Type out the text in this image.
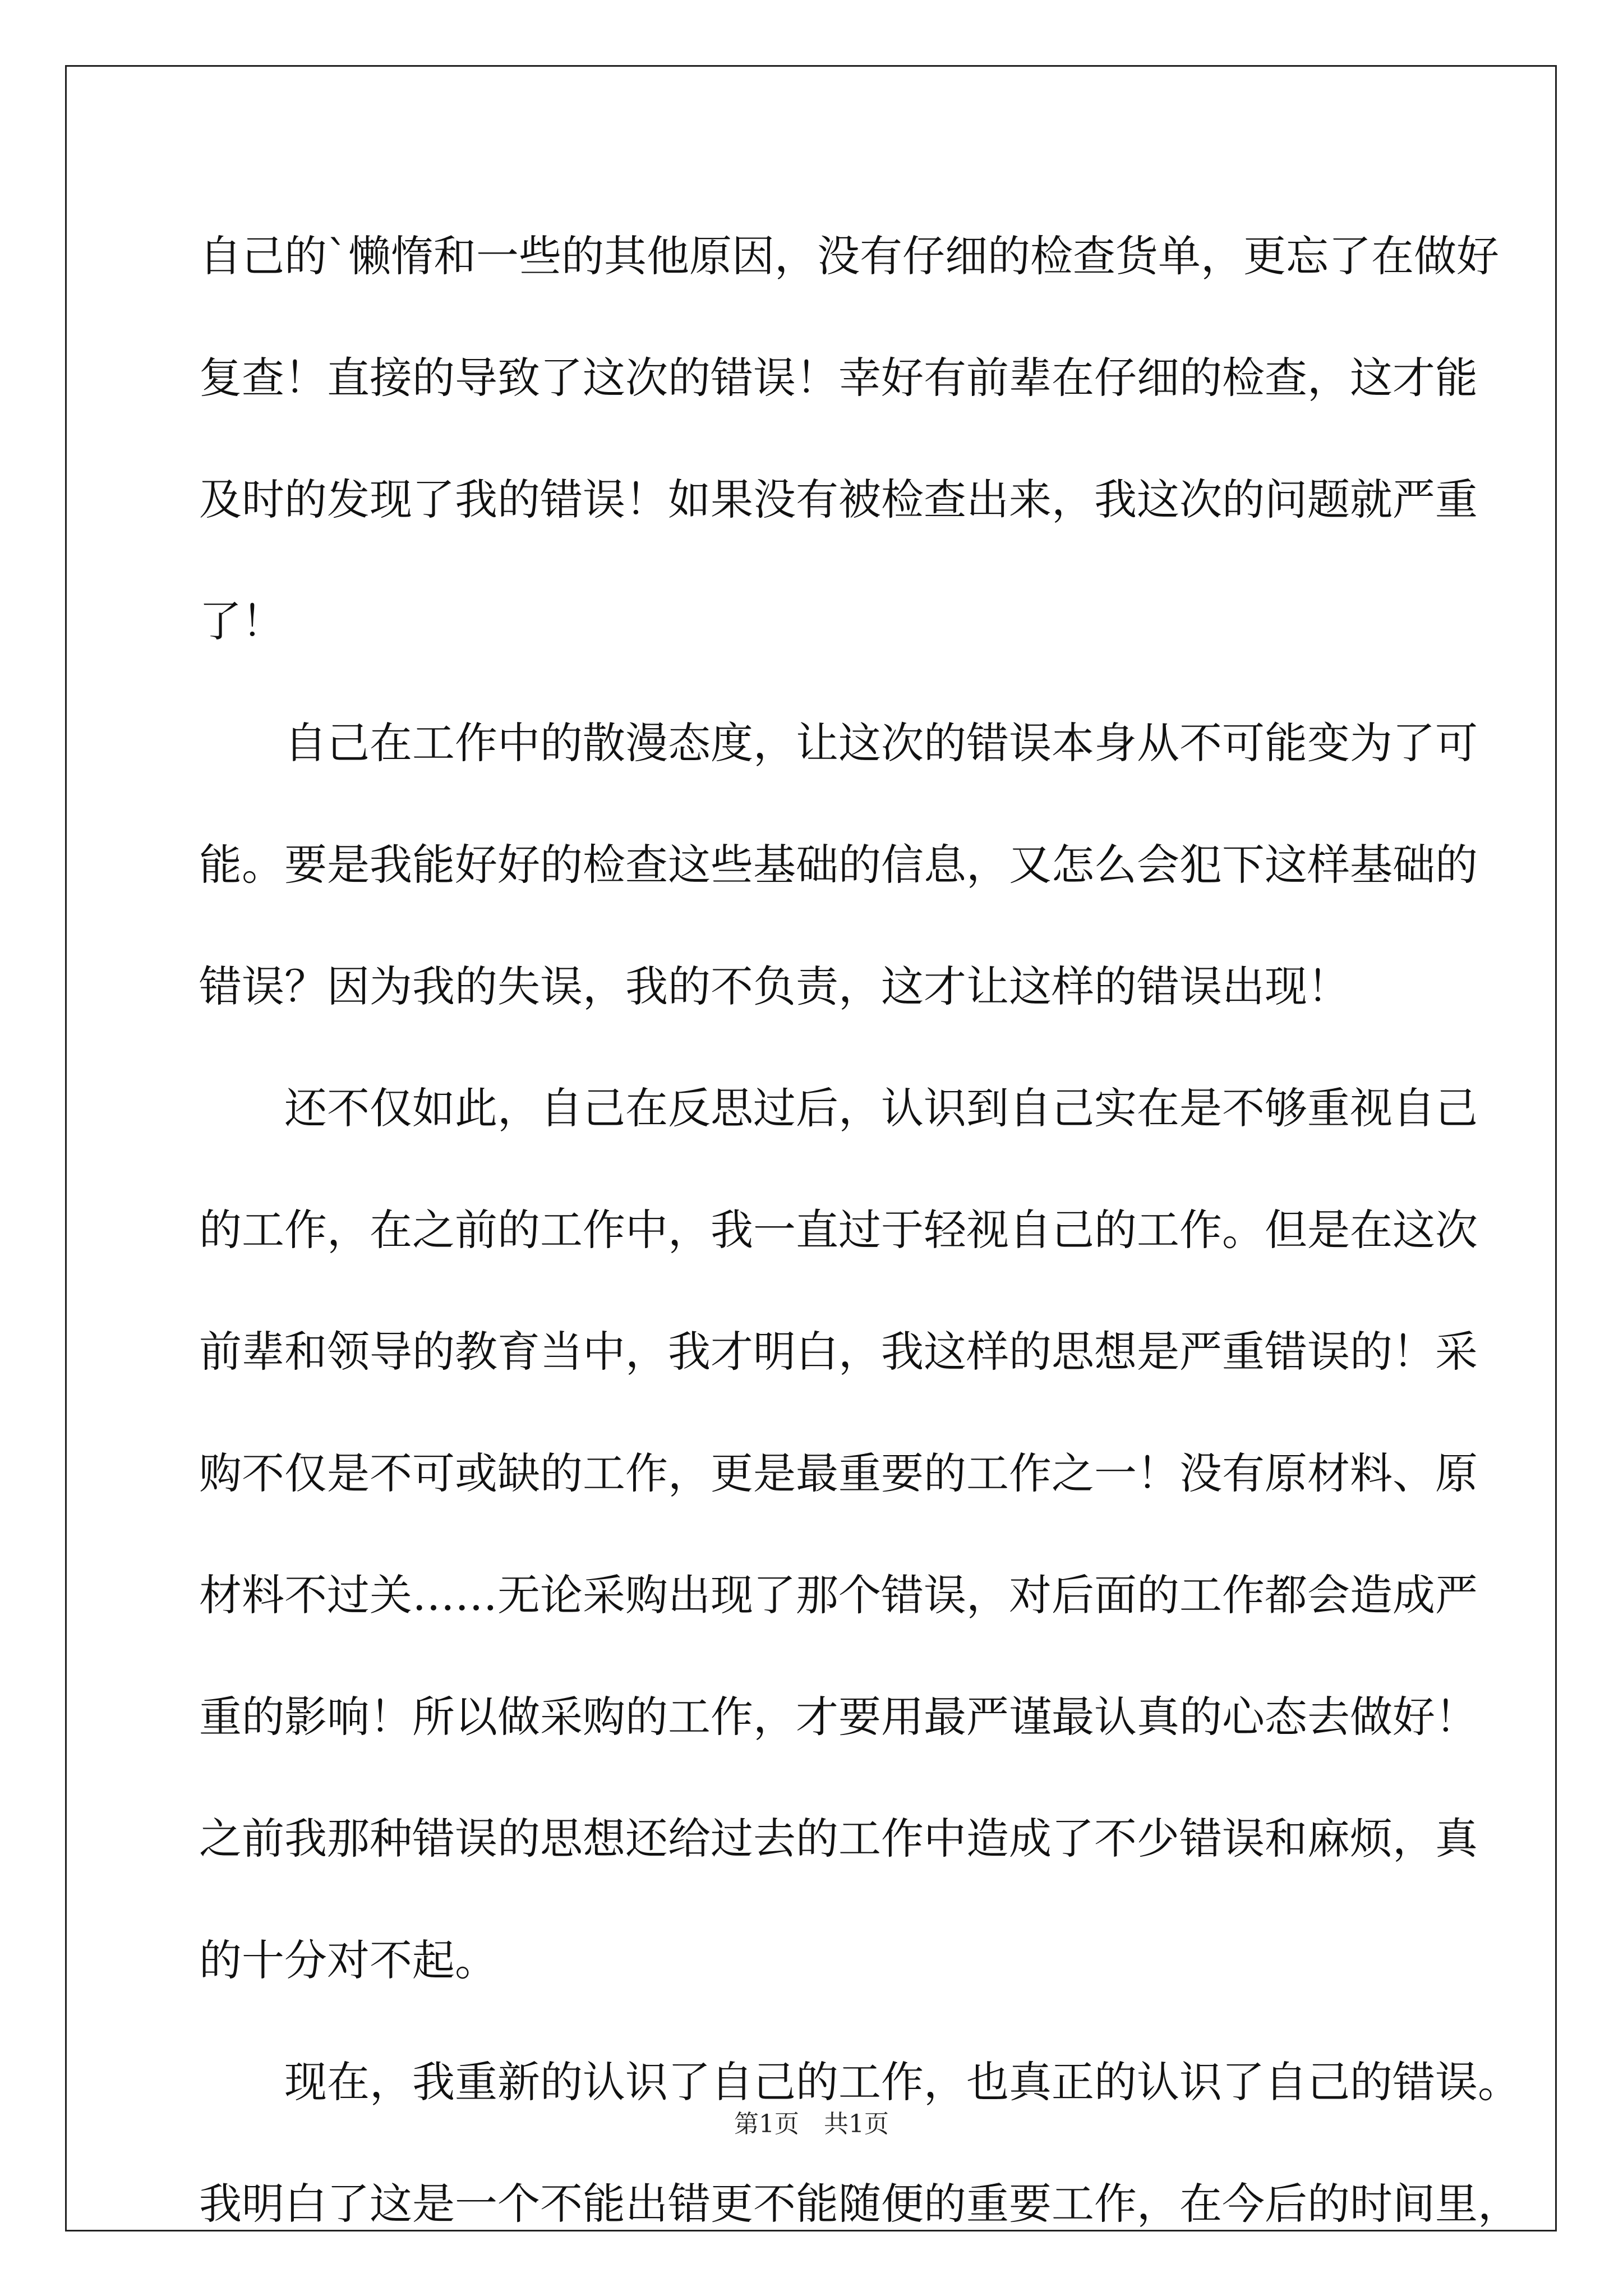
自己的`懒惰和一些的其他原因，没有仔细的检查货单，更忘了在做好
复查！直接的导致了这次的错误！幸好有前辈在仔细的检查，这才能
及时的发现了我的错误！如果没有被检查出来，我这次的问题就严重
了！
自己在工作中的散漫态度，让这次的错误本身从不可能变为了可
能。要是我能好好的检查这些基础的信息，又怎么会犯下这样基础的
错误？因为我的失误，我的不负责，这才让这样的错误出现！
还不仅如此，自己在反思过后，认识到自己实在是不够重视自己
的工作，在之前的工作中，我一直过于轻视自己的工作。但是在这次
前辈和领导的教育当中，我才明白，我这样的思想是严重错误的！采
购不仅是不可或缺的工作，更是最重要的工作之一！没有原材料、原
材料不过关……无论采购出现了那个错误，对后面的工作都会造成严
重的影响！所以做采购的工作，才要用最严谨最认真的心态去做好！
之前我那种错误的思想还给过去的工作中造成了不少错误和麻烦，真
的十分对不起。
现在，我重新的认识了自己的工作，也真正的认识了自己的错误。
我明白了这是一个不能出错更不能随便的重要工作，在今后的时间里，
第1页　共1页
